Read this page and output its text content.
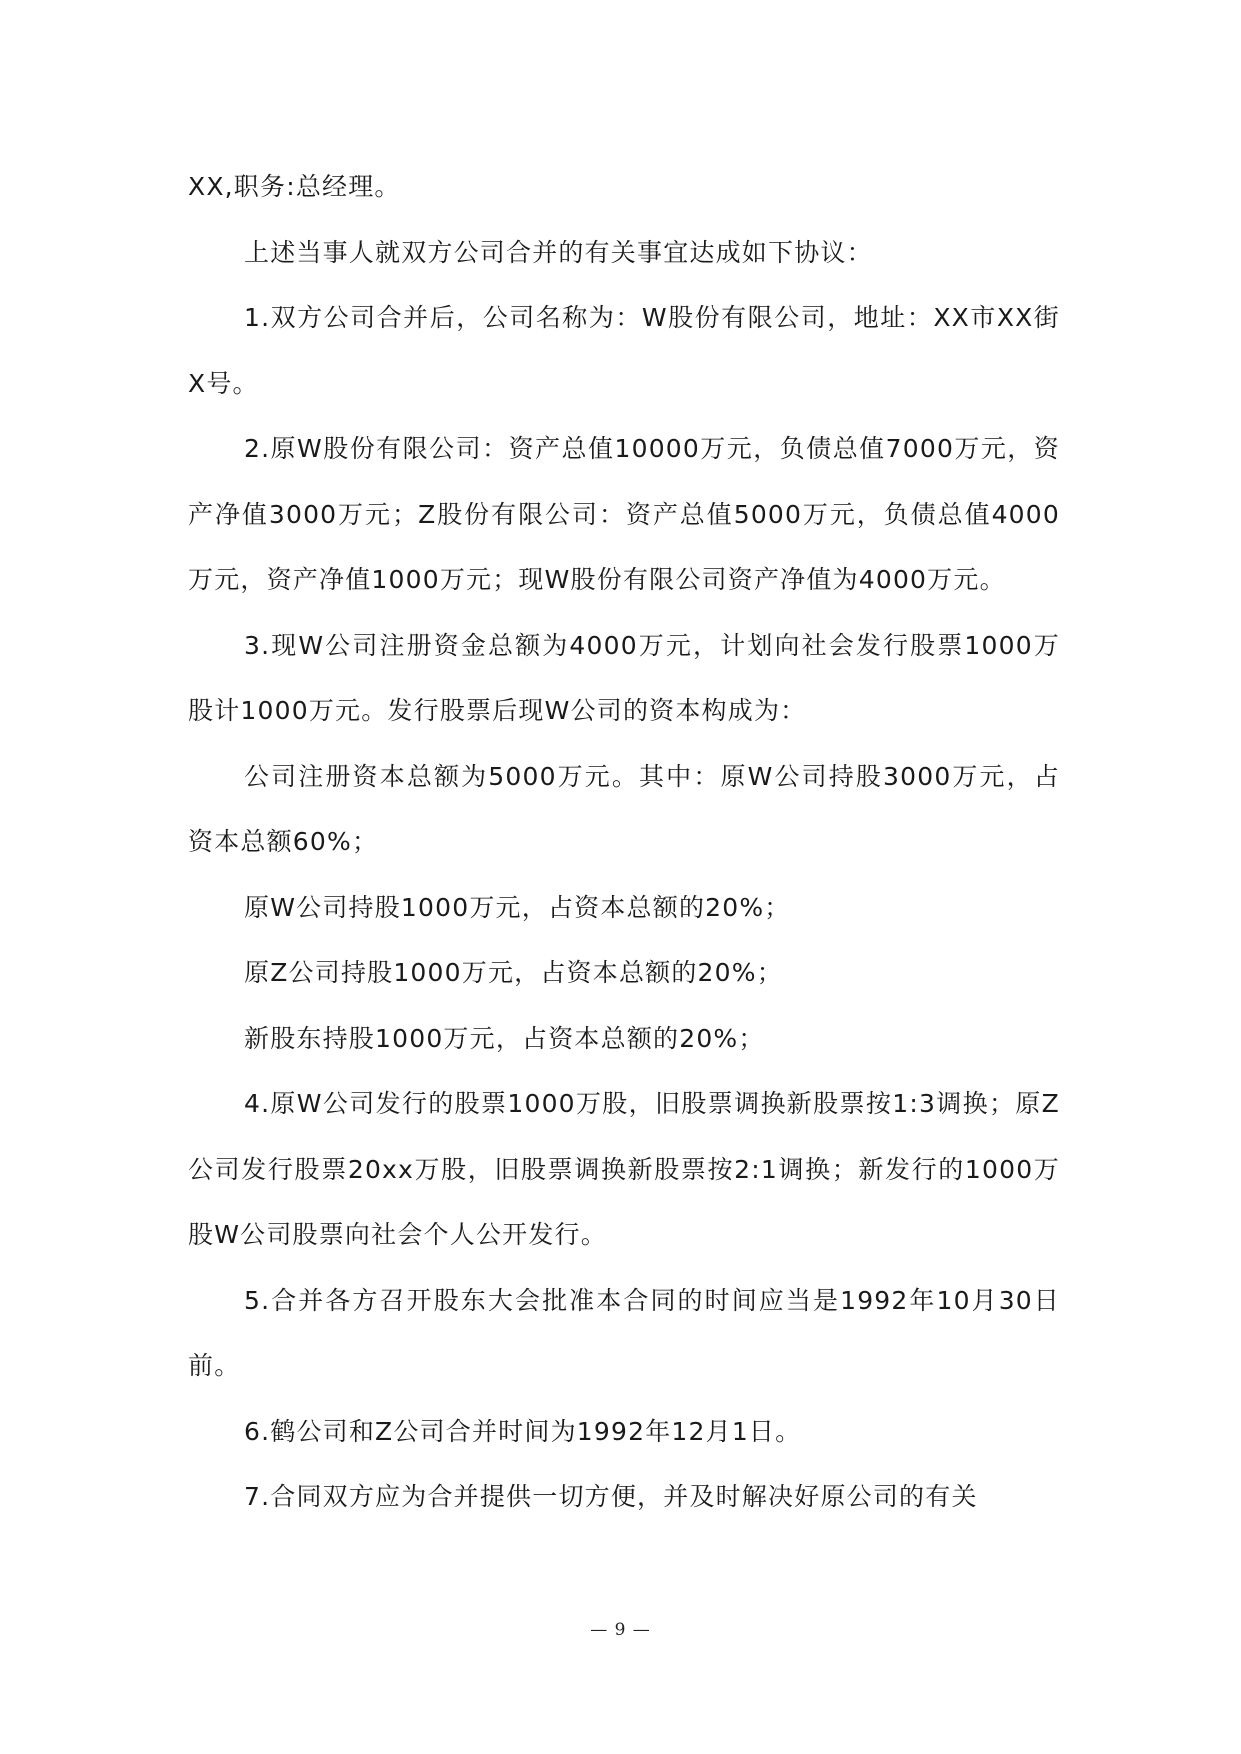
XX,职务:总经理。

上述当事人就双方公司合并的有关事宜达成如下协议：

1.双方公司合并后，公司名称为：W股份有限公司，地址：XX市XX街X号。

2.原W股份有限公司：资产总值10000万元，负债总值7000万元，资产净值3000万元；Z股份有限公司：资产总值5000万元，负债总值4000万元，资产净值1000万元；现W股份有限公司资产净值为4000万元。

3.现W公司注册资金总额为4000万元，计划向社会发行股票1000万股计1000万元。发行股票后现W公司的资本构成为：

公司注册资本总额为5000万元。其中：原W公司持股3000万元，占资本总额60%；

原W公司持股1000万元，占资本总额的20%；

原Z公司持股1000万元，占资本总额的20%；

新股东持股1000万元，占资本总额的20%；

4.原W公司发行的股票1000万股，旧股票调换新股票按1:3调换；原Z公司发行股票20xx万股，旧股票调换新股票按2:1调换；新发行的1000万股W公司股票向社会个人公开发行。

5.合并各方召开股东大会批准本合同的时间应当是1992年10月30日前。

6.鹤公司和Z公司合并时间为1992年12月1日。

7.合同双方应为合并提供一切方便，并及时解决好原公司的有关

— 9 —
